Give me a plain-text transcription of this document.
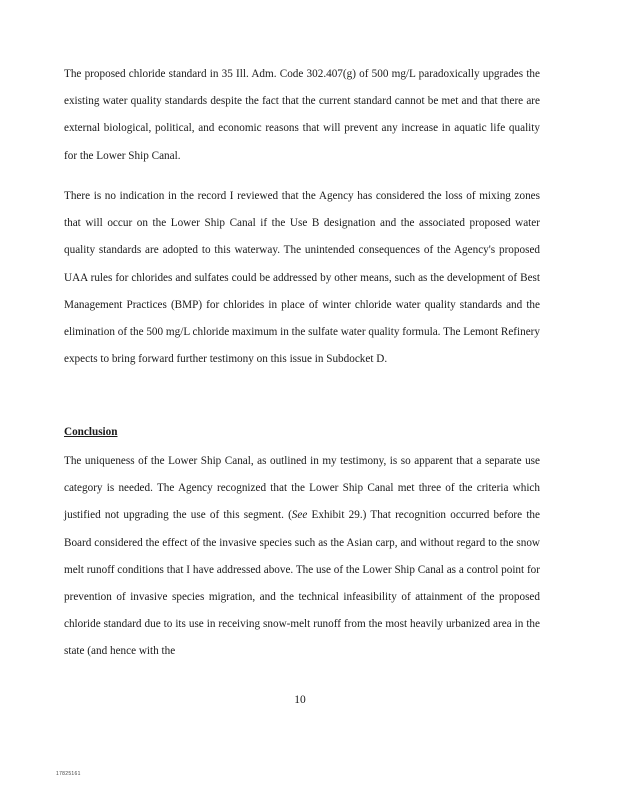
The proposed chloride standard in 35 Ill. Adm. Code 302.407(g) of 500 mg/L paradoxically upgrades the existing water quality standards despite the fact that the current standard cannot be met and that there are external biological, political, and economic reasons that will prevent any increase in aquatic life quality for the Lower Ship Canal.

There is no indication in the record I reviewed that the Agency has considered the loss of mixing zones that will occur on the Lower Ship Canal if the Use B designation and the associated proposed water quality standards are adopted to this waterway. The unintended consequences of the Agency's proposed UAA rules for chlorides and sulfates could be addressed by other means, such as the development of Best Management Practices (BMP) for chlorides in place of winter chloride water quality standards and the elimination of the 500 mg/L chloride maximum in the sulfate water quality formula. The Lemont Refinery expects to bring forward further testimony on this issue in Subdocket D.

Conclusion

The uniqueness of the Lower Ship Canal, as outlined in my testimony, is so apparent that a separate use category is needed. The Agency recognized that the Lower Ship Canal met three of the criteria which justified not upgrading the use of this segment. (See Exhibit 29.) That recognition occurred before the Board considered the effect of the invasive species such as the Asian carp, and without regard to the snow melt runoff conditions that I have addressed above. The use of the Lower Ship Canal as a control point for prevention of invasive species migration, and the technical infeasibility of attainment of the proposed chloride standard due to its use in receiving snow-melt runoff from the most heavily urbanized area in the state (and hence with the

10
17825161
